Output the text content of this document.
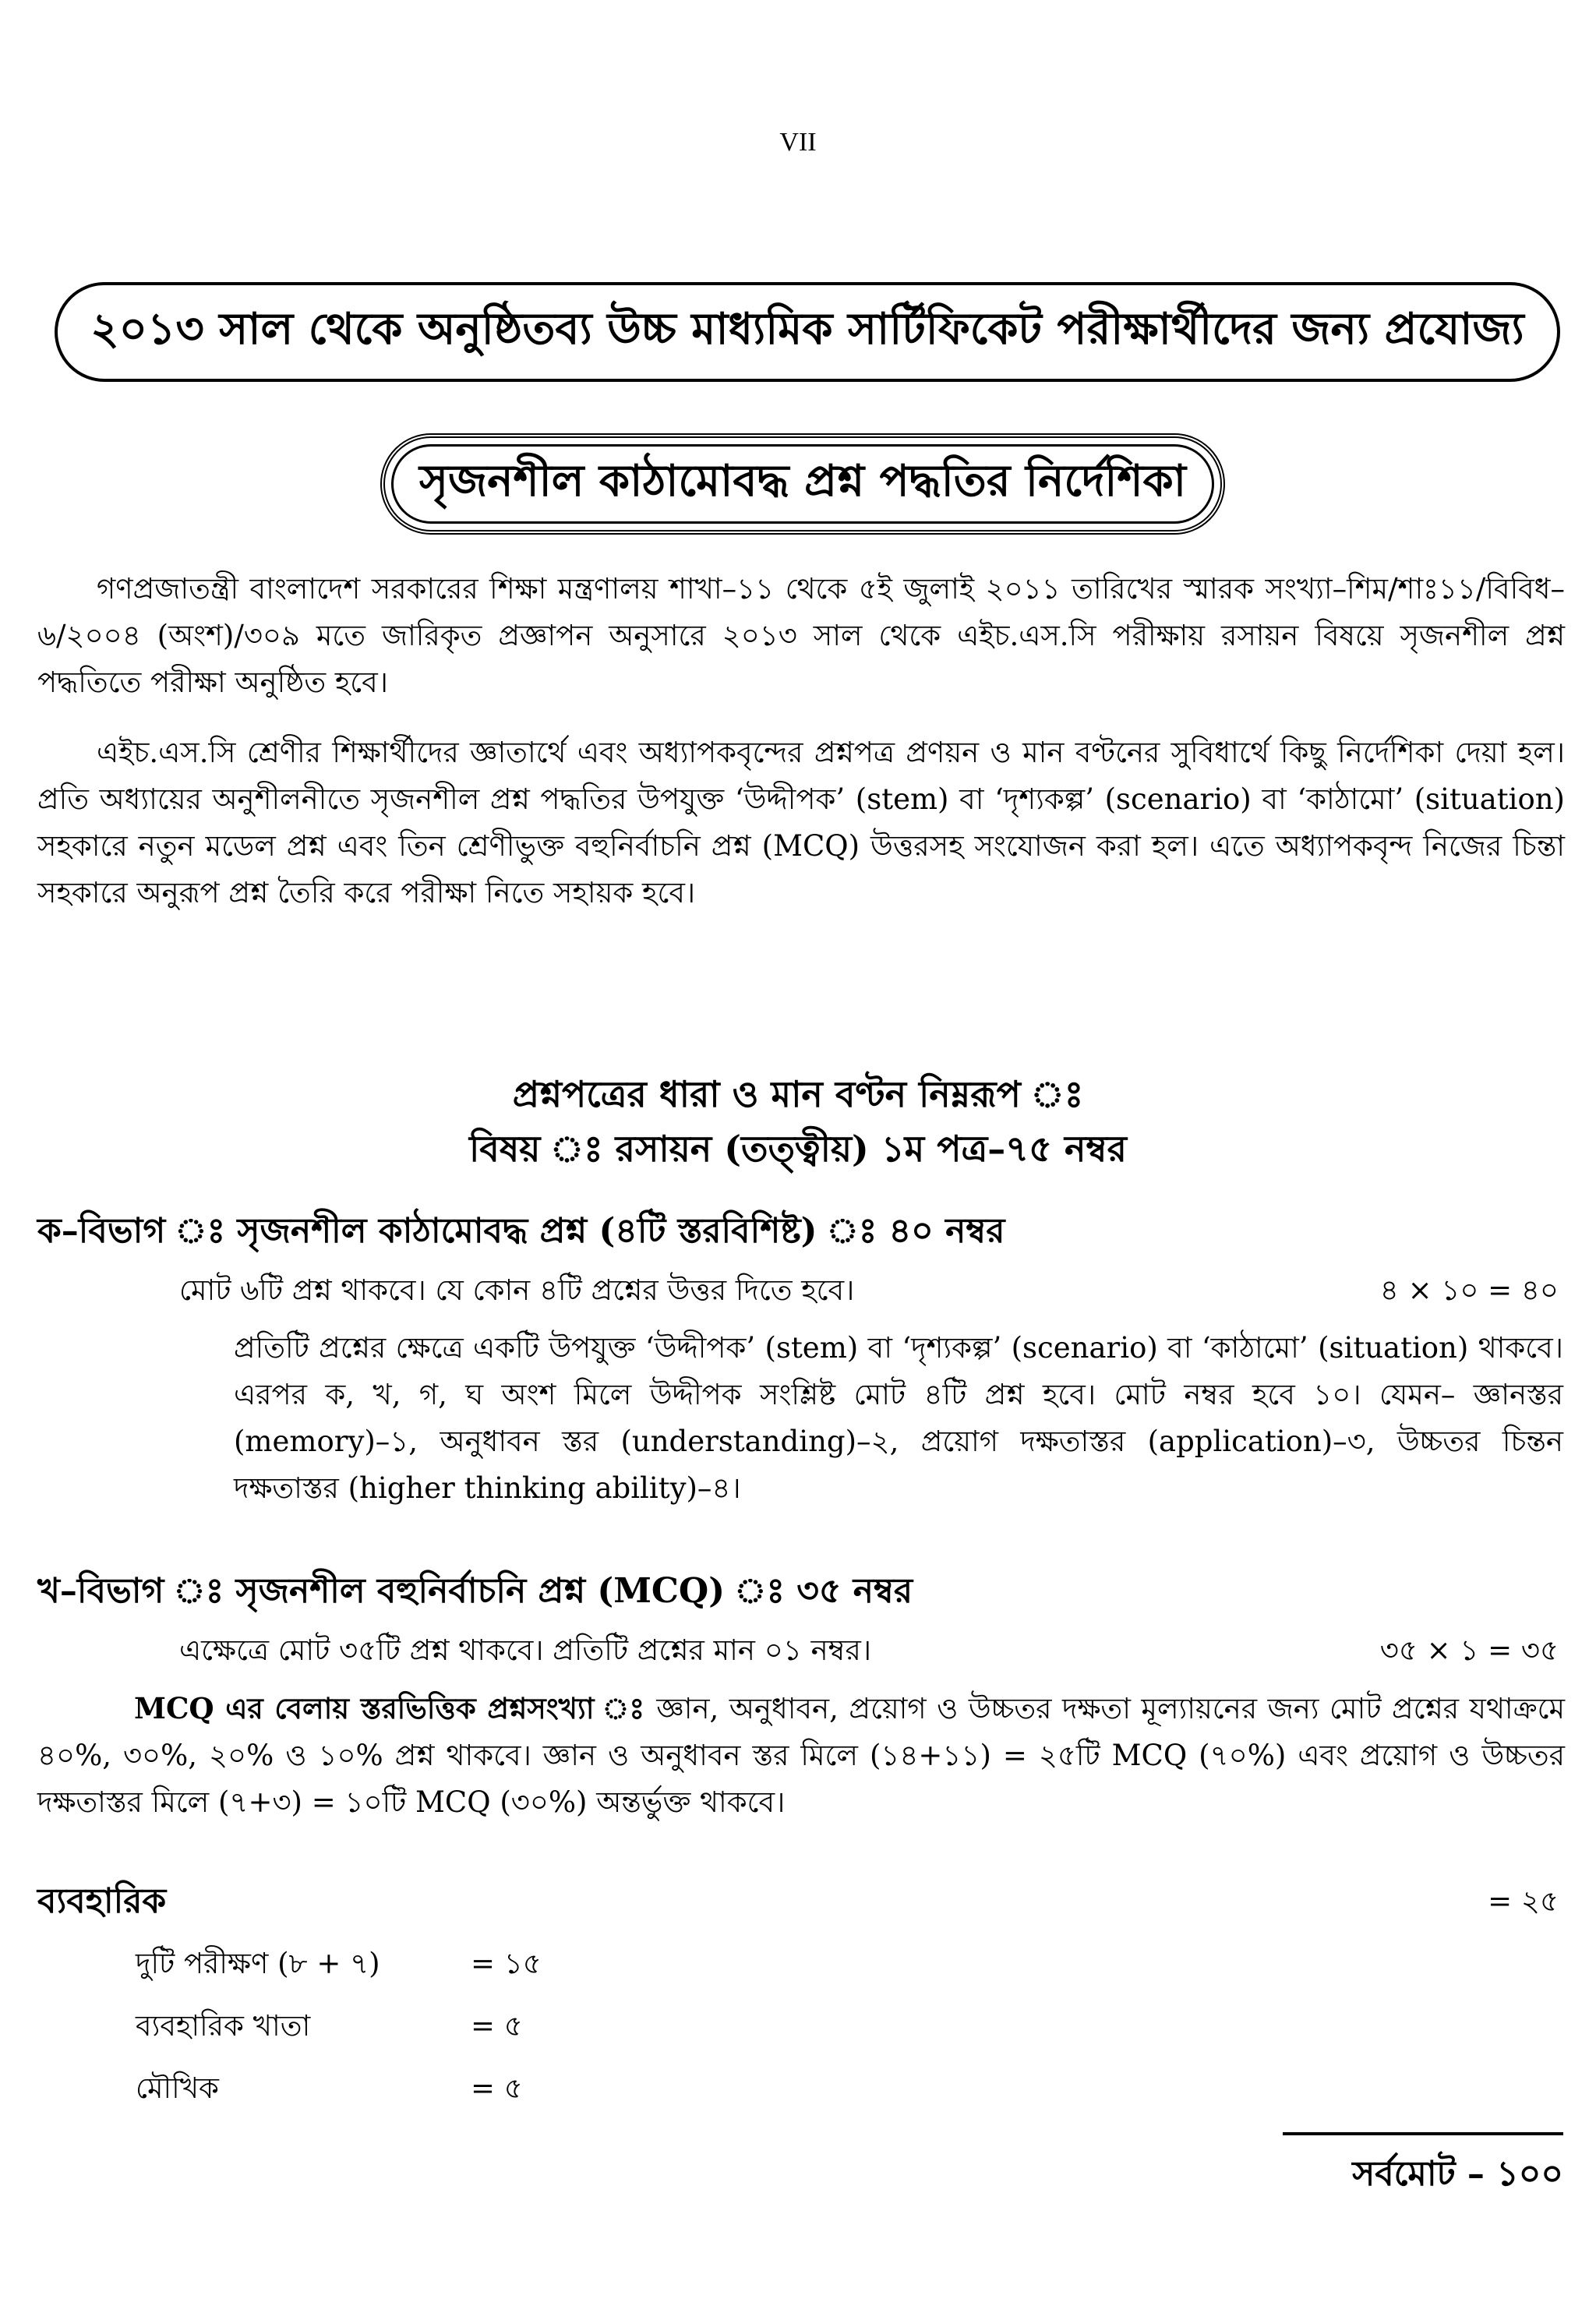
VII
২০১৩ সাল থেকে অনুষ্ঠিতব্য উচ্চ মাধ্যমিক সার্টিফিকেট পরীক্ষার্থীদের জন্য প্রযোজ্য
সৃজনশীল কাঠামোবদ্ধ প্রশ্ন পদ্ধতির নির্দেশিকা
গণপ্রজাতন্ত্রী বাংলাদেশ সরকারের শিক্ষা মন্ত্রণালয় শাখা–১১ থেকে ৫ই জুলাই ২০১১ তারিখের স্মারক সংখ্যা–শিম/শাঃ১১/বিবিধ–৬/২০০৪ (অংশ)/৩০৯ মতে জারিকৃত প্রজ্ঞাপন অনুসারে ২০১৩ সাল থেকে এইচ.এস.সি পরীক্ষায় রসায়ন বিষয়ে সৃজনশীল প্রশ্ন পদ্ধতিতে পরীক্ষা অনুষ্ঠিত হবে।
এইচ.এস.সি শ্রেণীর শিক্ষার্থীদের জ্ঞাতার্থে এবং অধ্যাপকবৃন্দের প্রশ্নপত্র প্রণয়ন ও মান বণ্টনের সুবিধার্থে কিছু নির্দেশিকা দেয়া হল। প্রতি অধ্যায়ের অনুশীলনীতে সৃজনশীল প্রশ্ন পদ্ধতির উপযুক্ত ‘উদ্দীপক’ (stem) বা ‘দৃশ্যকল্প’ (scenario) বা ‘কাঠামো’ (situation) সহকারে নতুন মডেল প্রশ্ন এবং তিন শ্রেণীভুক্ত বহুনির্বাচনি প্রশ্ন (MCQ) উত্তরসহ সংযোজন করা হল। এতে অধ্যাপকবৃন্দ নিজের চিন্তা সহকারে অনুরূপ প্রশ্ন তৈরি করে পরীক্ষা নিতে সহায়ক হবে।
প্রশ্নপত্রের ধারা ও মান বণ্টন নিম্নরূপ ঃ
বিষয় ঃ রসায়ন (তত্ত্বীয়) ১ম পত্র–৭৫ নম্বর
ক–বিভাগ ঃ সৃজনশীল কাঠামোবদ্ধ প্রশ্ন (৪টি স্তরবিশিষ্ট) ঃ ৪০ নম্বর
মোট ৬টি প্রশ্ন থাকবে। যে কোন ৪টি প্রশ্নের উত্তর দিতে হবে।	৪ × ১০ = ৪০
প্রতিটি প্রশ্নের ক্ষেত্রে একটি উপযুক্ত ‘উদ্দীপক’ (stem) বা ‘দৃশ্যকল্প’ (scenario) বা ‘কাঠামো’ (situation) থাকবে। এরপর ক, খ, গ, ঘ অংশ মিলে উদ্দীপক সংশ্লিষ্ট মোট ৪টি প্রশ্ন হবে। মোট নম্বর হবে ১০। যেমন– জ্ঞানস্তর (memory)–১, অনুধাবন স্তর (understanding)–২, প্রয়োগ দক্ষতাস্তর (application)–৩, উচ্চতর চিন্তন দক্ষতাস্তর (higher thinking ability)–৪।
খ–বিভাগ ঃ সৃজনশীল বহুনির্বাচনি প্রশ্ন (MCQ) ঃ ৩৫ নম্বর
এক্ষেত্রে মোট ৩৫টি প্রশ্ন থাকবে। প্রতিটি প্রশ্নের মান ০১ নম্বর।	৩৫ × ১ = ৩৫
MCQ এর বেলায় স্তরভিত্তিক প্রশ্নসংখ্যা ঃ জ্ঞান, অনুধাবন, প্রয়োগ ও উচ্চতর দক্ষতা মূল্যায়নের জন্য মোট প্রশ্নের যথাক্রমে ৪০%, ৩০%, ২০% ও ১০% প্রশ্ন থাকবে। জ্ঞান ও অনুধাবন স্তর মিলে (১৪+১১) = ২৫টি MCQ (৭০%) এবং প্রয়োগ ও উচ্চতর দক্ষতাস্তর মিলে (৭+৩) = ১০টি MCQ (৩০%) অন্তর্ভুক্ত থাকবে।
ব্যবহারিক	= ২৫
দুটি পরীক্ষণ (৮ + ৭)	= ১৫
ব্যবহারিক খাতা	= ৫
মৌখিক	= ৫
সর্বমোট – ১০০
